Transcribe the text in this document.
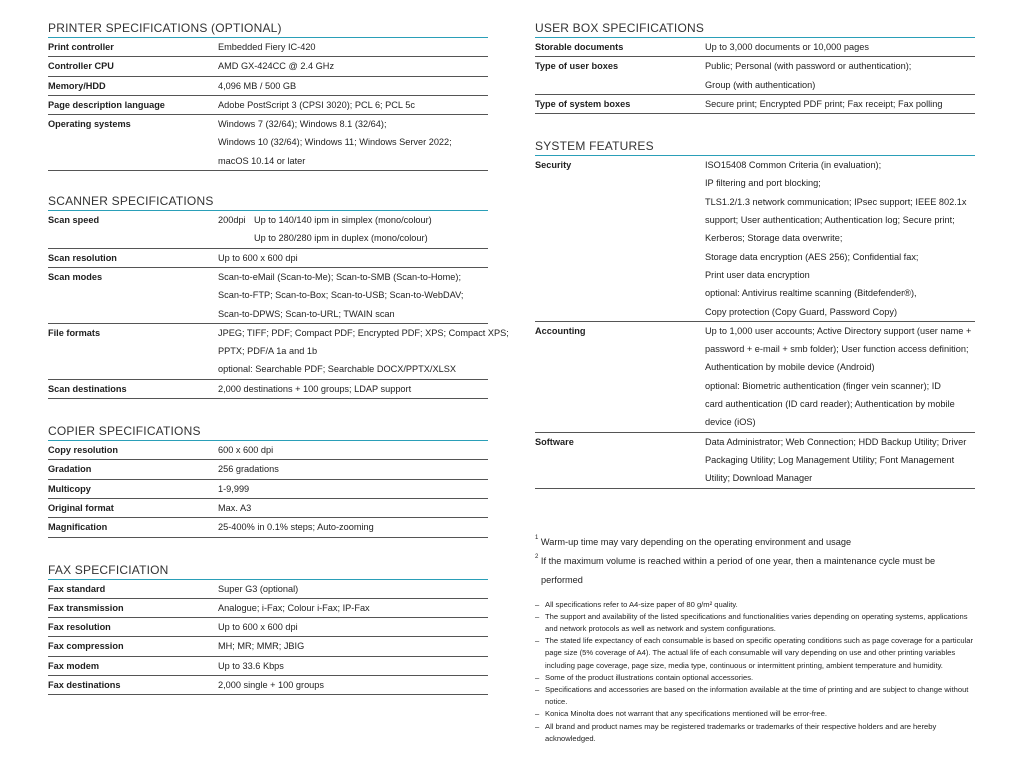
PRINTER SPECIFICATIONS (OPTIONAL)
Print controller	Embedded Fiery IC-420
Controller CPU	AMD GX-424CC @ 2.4 GHz
Memory/HDD	4,096 MB / 500 GB
Page description language	Adobe PostScript 3 (CPSI 3020); PCL 6; PCL 5c
Operating systems	Windows 7 (32/64); Windows 8.1 (32/64);
Windows 10 (32/64); Windows 11; Windows Server 2022;
macOS 10.14 or later
SCANNER SPECIFICATIONS
Scan speed	200dpi Up to 140/140 ipm in simplex (mono/colour)
Up to 280/280 ipm in duplex (mono/colour)
Scan resolution	Up to 600 x 600 dpi
Scan modes	Scan-to-eMail (Scan-to-Me); Scan-to-SMB (Scan-to-Home);
Scan-to-FTP; Scan-to-Box; Scan-to-USB; Scan-to-WebDAV;
Scan-to-DPWS; Scan-to-URL; TWAIN scan
File formats	JPEG; TIFF; PDF; Compact PDF; Encrypted PDF; XPS; Compact XPS;
PPTX; PDF/A 1a and 1b
optional: Searchable PDF; Searchable DOCX/PPTX/XLSX
Scan destinations	2,000 destinations + 100 groups; LDAP support
COPIER SPECIFICATIONS
Copy resolution	600 x 600 dpi
Gradation	256 gradations
Multicopy	1-9,999
Original format	Max. A3
Magnification	25-400% in 0.1% steps; Auto-zooming
FAX SPECFICIATION
Fax standard	Super G3 (optional)
Fax transmission	Analogue; i-Fax; Colour i-Fax; IP-Fax
Fax resolution	Up to 600 x 600 dpi
Fax compression	MH; MR; MMR; JBIG
Fax modem	Up to 33.6 Kbps
Fax destinations	2,000 single + 100 groups
USER BOX SPECIFICATIONS
Storable documents	Up to 3,000 documents or 10,000 pages
Type of user boxes	Public; Personal (with password or authentication);
Group (with authentication)
Type of system boxes	Secure print; Encrypted PDF print; Fax receipt; Fax polling
SYSTEM FEATURES
Security	ISO15408 Common Criteria (in evaluation);
IP filtering and port blocking;
TLS1.2/1.3 network communication; IPsec support; IEEE 802.1x
support; User authentication; Authentication log; Secure print;
Kerberos; Storage data overwrite;
Storage data encryption (AES 256); Confidential fax;
Print user data encryption
optional: Antivirus realtime scanning (Bitdefender®),
Copy protection (Copy Guard, Password Copy)
Accounting	Up to 1,000 user accounts; Active Directory support (user name +
password + e-mail + smb folder); User function access definition;
Authentication by mobile device (Android)
optional: Biometric authentication (finger vein scanner); ID
card authentication (ID card reader); Authentication by mobile
device (iOS)
Software	Data Administrator; Web Connection; HDD Backup Utility; Driver
Packaging Utility; Log Management Utility; Font Management
Utility; Download Manager
$^1$ Warm-up time may vary depending on the operating environment and usage
$^2$ If the maximum volume is reached within a period of one year, then a maintenance cycle must be
performed
– All specifications refer to A4-size paper of 80 g/m² quality.
– The support and availability of the listed specifications and functionalities varies depending on operating systems, applications and network protocols as well as network and system configurations.
– The stated life expectancy of each consumable is based on specific operating conditions such as page coverage for a particular page size (5% coverage of A4). The actual life of each consumable will vary depending on use and other printing variables including page coverage, page size, media type, continuous or intermittent printing, ambient temperature and humidity.
– Some of the product illustrations contain optional accessories.
– Specifications and accessories are based on the information available at the time of printing and are subject to change without notice.
– Konica Minolta does not warrant that any specifications mentioned will be error-free.
– All brand and product names may be registered trademarks or trademarks of their respective holders and are hereby acknowledged.
